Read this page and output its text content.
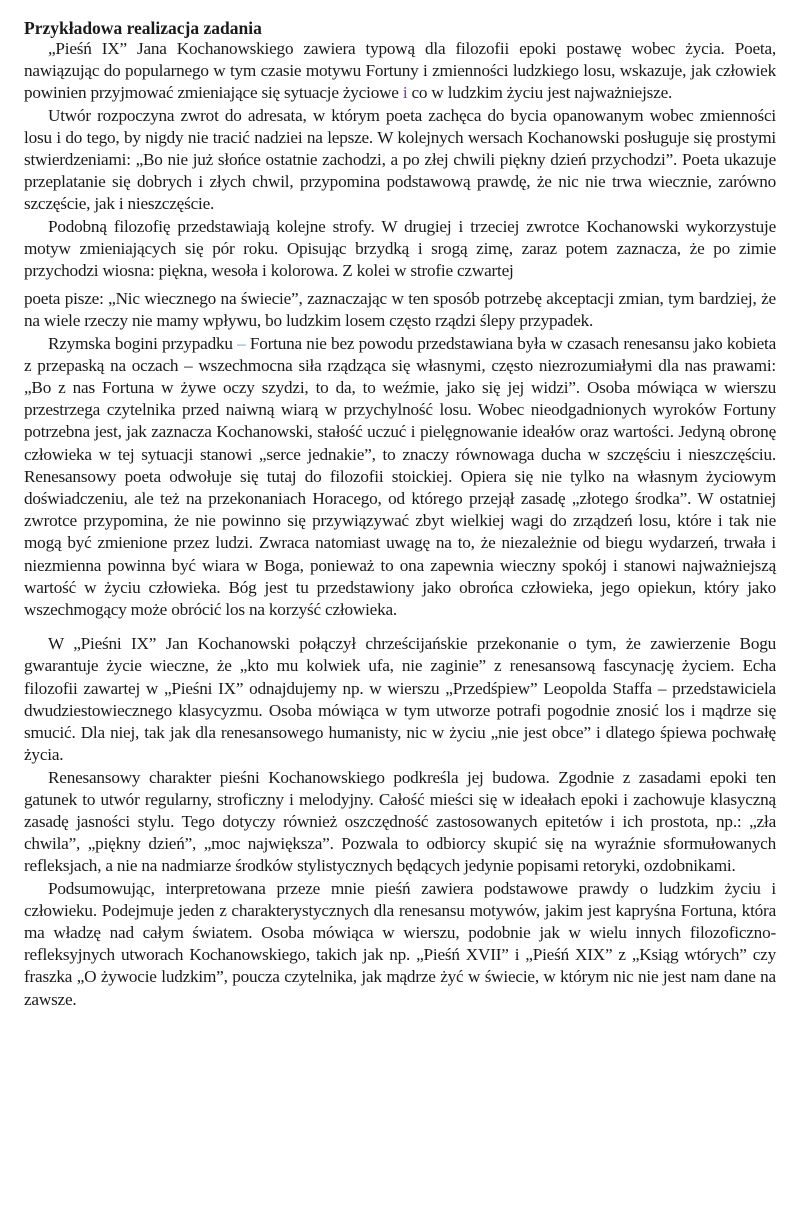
Przykładowa realizacja zadania

„Pieśń IX” Jana Kochanowskiego zawiera typową dla filozofii epoki postawę wobec życia. Poeta, nawiązując do popularnego w tym czasie motywu Fortuny i zmienności ludzkiego losu, wskazuje, jak człowiek powinien przyjmować zmieniające się sytuacje życiowe i co w ludzkim życiu jest najważniejsze.

Utwór rozpoczyna zwrot do adresata, w którym poeta zachęca do bycia opanowanym wobec zmienności losu i do tego, by nigdy nie tracić nadziei na lepsze. W kolejnych wersach Kochanowski posługuje się prostymi stwierdzeniami: „Bo nie już słońce ostatnie zachodzi, a po złej chwili piękny dzień przychodzi”. Poeta ukazuje przeplatanie się dobrych i złych chwil, przypomina podstawową prawdę, że nic nie trwa wiecznie, zarówno szczęście, jak i nieszczęście.

Podobną filozofię przedstawiają kolejne strofy. W drugiej i trzeciej zwrotce Kochanowski wykorzystuje motyw zmieniających się pór roku. Opisując brzydką i srogą zimę, zaraz potem zaznacza, że po zimie przychodzi wiosna: piękna, wesoła i kolorowa. Z kolei w strofie czwartej

poeta pisze: „Nic wiecznego na świecie”, zaznaczając w ten sposób potrzebę akceptacji zmian, tym bardziej, że na wiele rzeczy nie mamy wpływu, bo ludzkim losem często rządzi ślepy przypadek.

Rzymska bogini przypadku – Fortuna nie bez powodu przedstawiana była w czasach renesansu jako kobieta z przepaską na oczach – wszechmocna siła rządząca się własnymi, często niezrozumiałymi dla nas prawami: „Bo z nas Fortuna w żywe oczy szydzi, to da, to weźmie, jako się jej widzi”. Osoba mówiąca w wierszu przestrzega czytelnika przed naiwną wiarą w przychylność losu. Wobec nieodgadnionych wyroków Fortuny potrzebna jest, jak zaznacza Kochanowski, stałość uczuć i pielęgnowanie ideałów oraz wartości. Jedyną obronę człowieka w tej sytuacji stanowi „serce jednakie”, to znaczy równowaga ducha w szczęściu i nieszczęściu. Renesansowy poeta odwołuje się tutaj do filozofii stoickiej. Opiera się nie tylko na własnym życiowym doświadczeniu, ale też na przekonaniach Horacego, od którego przejął zasadę „złotego środka”. W ostatniej zwrotce przypomina, że nie powinno się przywiązywać zbyt wielkiej wagi do zrządzeń losu, które i tak nie mogą być zmienione przez ludzi. Zwraca natomiast uwagę na to, że niezależnie od biegu wydarzeń, trwała i niezmienna powinna być wiara w Boga, ponieważ to ona zapewnia wieczny spokój i stanowi najważniejszą wartość w życiu człowieka. Bóg jest tu przedstawiony jako obrońca człowieka, jego opiekun, który jako wszechmogący może obrócić los na korzyść człowieka.

W „Pieśni IX” Jan Kochanowski połączył chrześcijańskie przekonanie o tym, że zawierzenie Bogu gwarantuje życie wieczne, że „kto mu kolwiek ufa, nie zaginie” z renesansową fascynację życiem. Echa filozofii zawartej w „Pieśni IX” odnajdujemy np. w wierszu „Przedśpiew” Leopolda Staffa – przedstawiciela dwudziestowiecznego klasycyzmu. Osoba mówiąca w tym utworze potrafi pogodnie znosić los i mądrze się smucić. Dla niej, tak jak dla renesansowego humanisty, nic w życiu „nie jest obce” i dlatego śpiewa pochwałę życia.

Renesansowy charakter pieśni Kochanowskiego podkreśla jej budowa. Zgodnie z zasadami epoki ten gatunek to utwór regularny, stroficzny i melodyjny. Całość mieści się w ideałach epoki i zachowuje klasyczną zasadę jasności stylu. Tego dotyczy również oszczędność zastosowanych epitetów i ich prostota, np.: „zła chwila”, „piękny dzień”, „moc największa”. Pozwala to odbiorcy skupić się na wyraźnie sformułowanych refleksjach, a nie na nadmiarze środków stylistycznych będących jedynie popisami retoryki, ozdobnikami.

Podsumowując, interpretowana przeze mnie pieśń zawiera podstawowe prawdy o ludzkim życiu i człowieku. Podejmuje jeden z charakterystycznych dla renesansu motywów, jakim jest kapryśna Fortuna, która ma władzę nad całym światem. Osoba mówiąca w wierszu, podobnie jak w wielu innych filozoficzno-refleksyjnych utworach Kochanowskiego, takich jak np. „Pieśń XVII” i „Pieśń XIX” z „Ksiąg wtórych” czy fraszka „O żywocie ludzkim”, poucza czytelnika, jak mądrze żyć w świecie, w którym nic nie jest nam dane na zawsze.
